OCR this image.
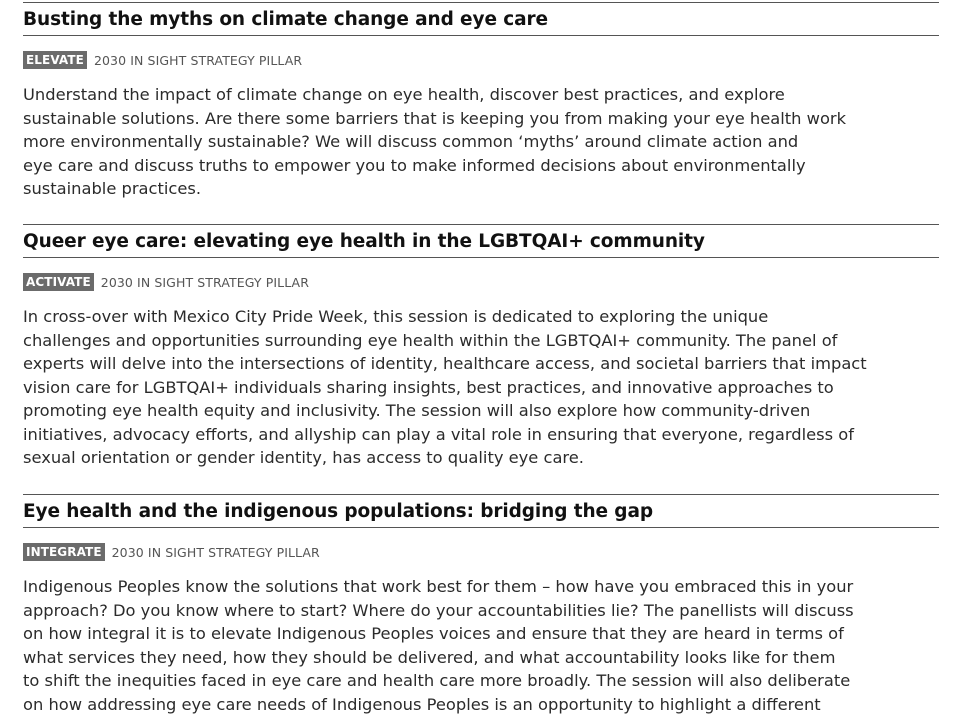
Busting the myths on climate change and eye care
ELEVATE 2030 IN SIGHT STRATEGY PILLAR
Understand the impact of climate change on eye health, discover best practices, and explore
sustainable solutions. Are there some barriers that is keeping you from making your eye health work
more environmentally sustainable? We will discuss common ‘myths’ around climate action and
eye care and discuss truths to empower you to make informed decisions about environmentally
sustainable practices.
Queer eye care: elevating eye health in the LGBTQAI+ community
ACTIVATE 2030 IN SIGHT STRATEGY PILLAR
In cross-over with Mexico City Pride Week, this session is dedicated to exploring the unique
challenges and opportunities surrounding eye health within the LGBTQAI+ community. The panel of
experts will delve into the intersections of identity, healthcare access, and societal barriers that impact
vision care for LGBTQAI+ individuals sharing insights, best practices, and innovative approaches to
promoting eye health equity and inclusivity. The session will also explore how community-driven
initiatives, advocacy efforts, and allyship can play a vital role in ensuring that everyone, regardless of
sexual orientation or gender identity, has access to quality eye care.
Eye health and the indigenous populations: bridging the gap
INTEGRATE 2030 IN SIGHT STRATEGY PILLAR
Indigenous Peoples know the solutions that work best for them – how have you embraced this in your
approach? Do you know where to start? Where do your accountabilities lie? The panellists will discuss
on how integral it is to elevate Indigenous Peoples voices and ensure that they are heard in terms of
what services they need, how they should be delivered, and what accountability looks like for them
to shift the inequities faced in eye care and health care more broadly. The session will also deliberate
on how addressing eye care needs of Indigenous Peoples is an opportunity to highlight a different
